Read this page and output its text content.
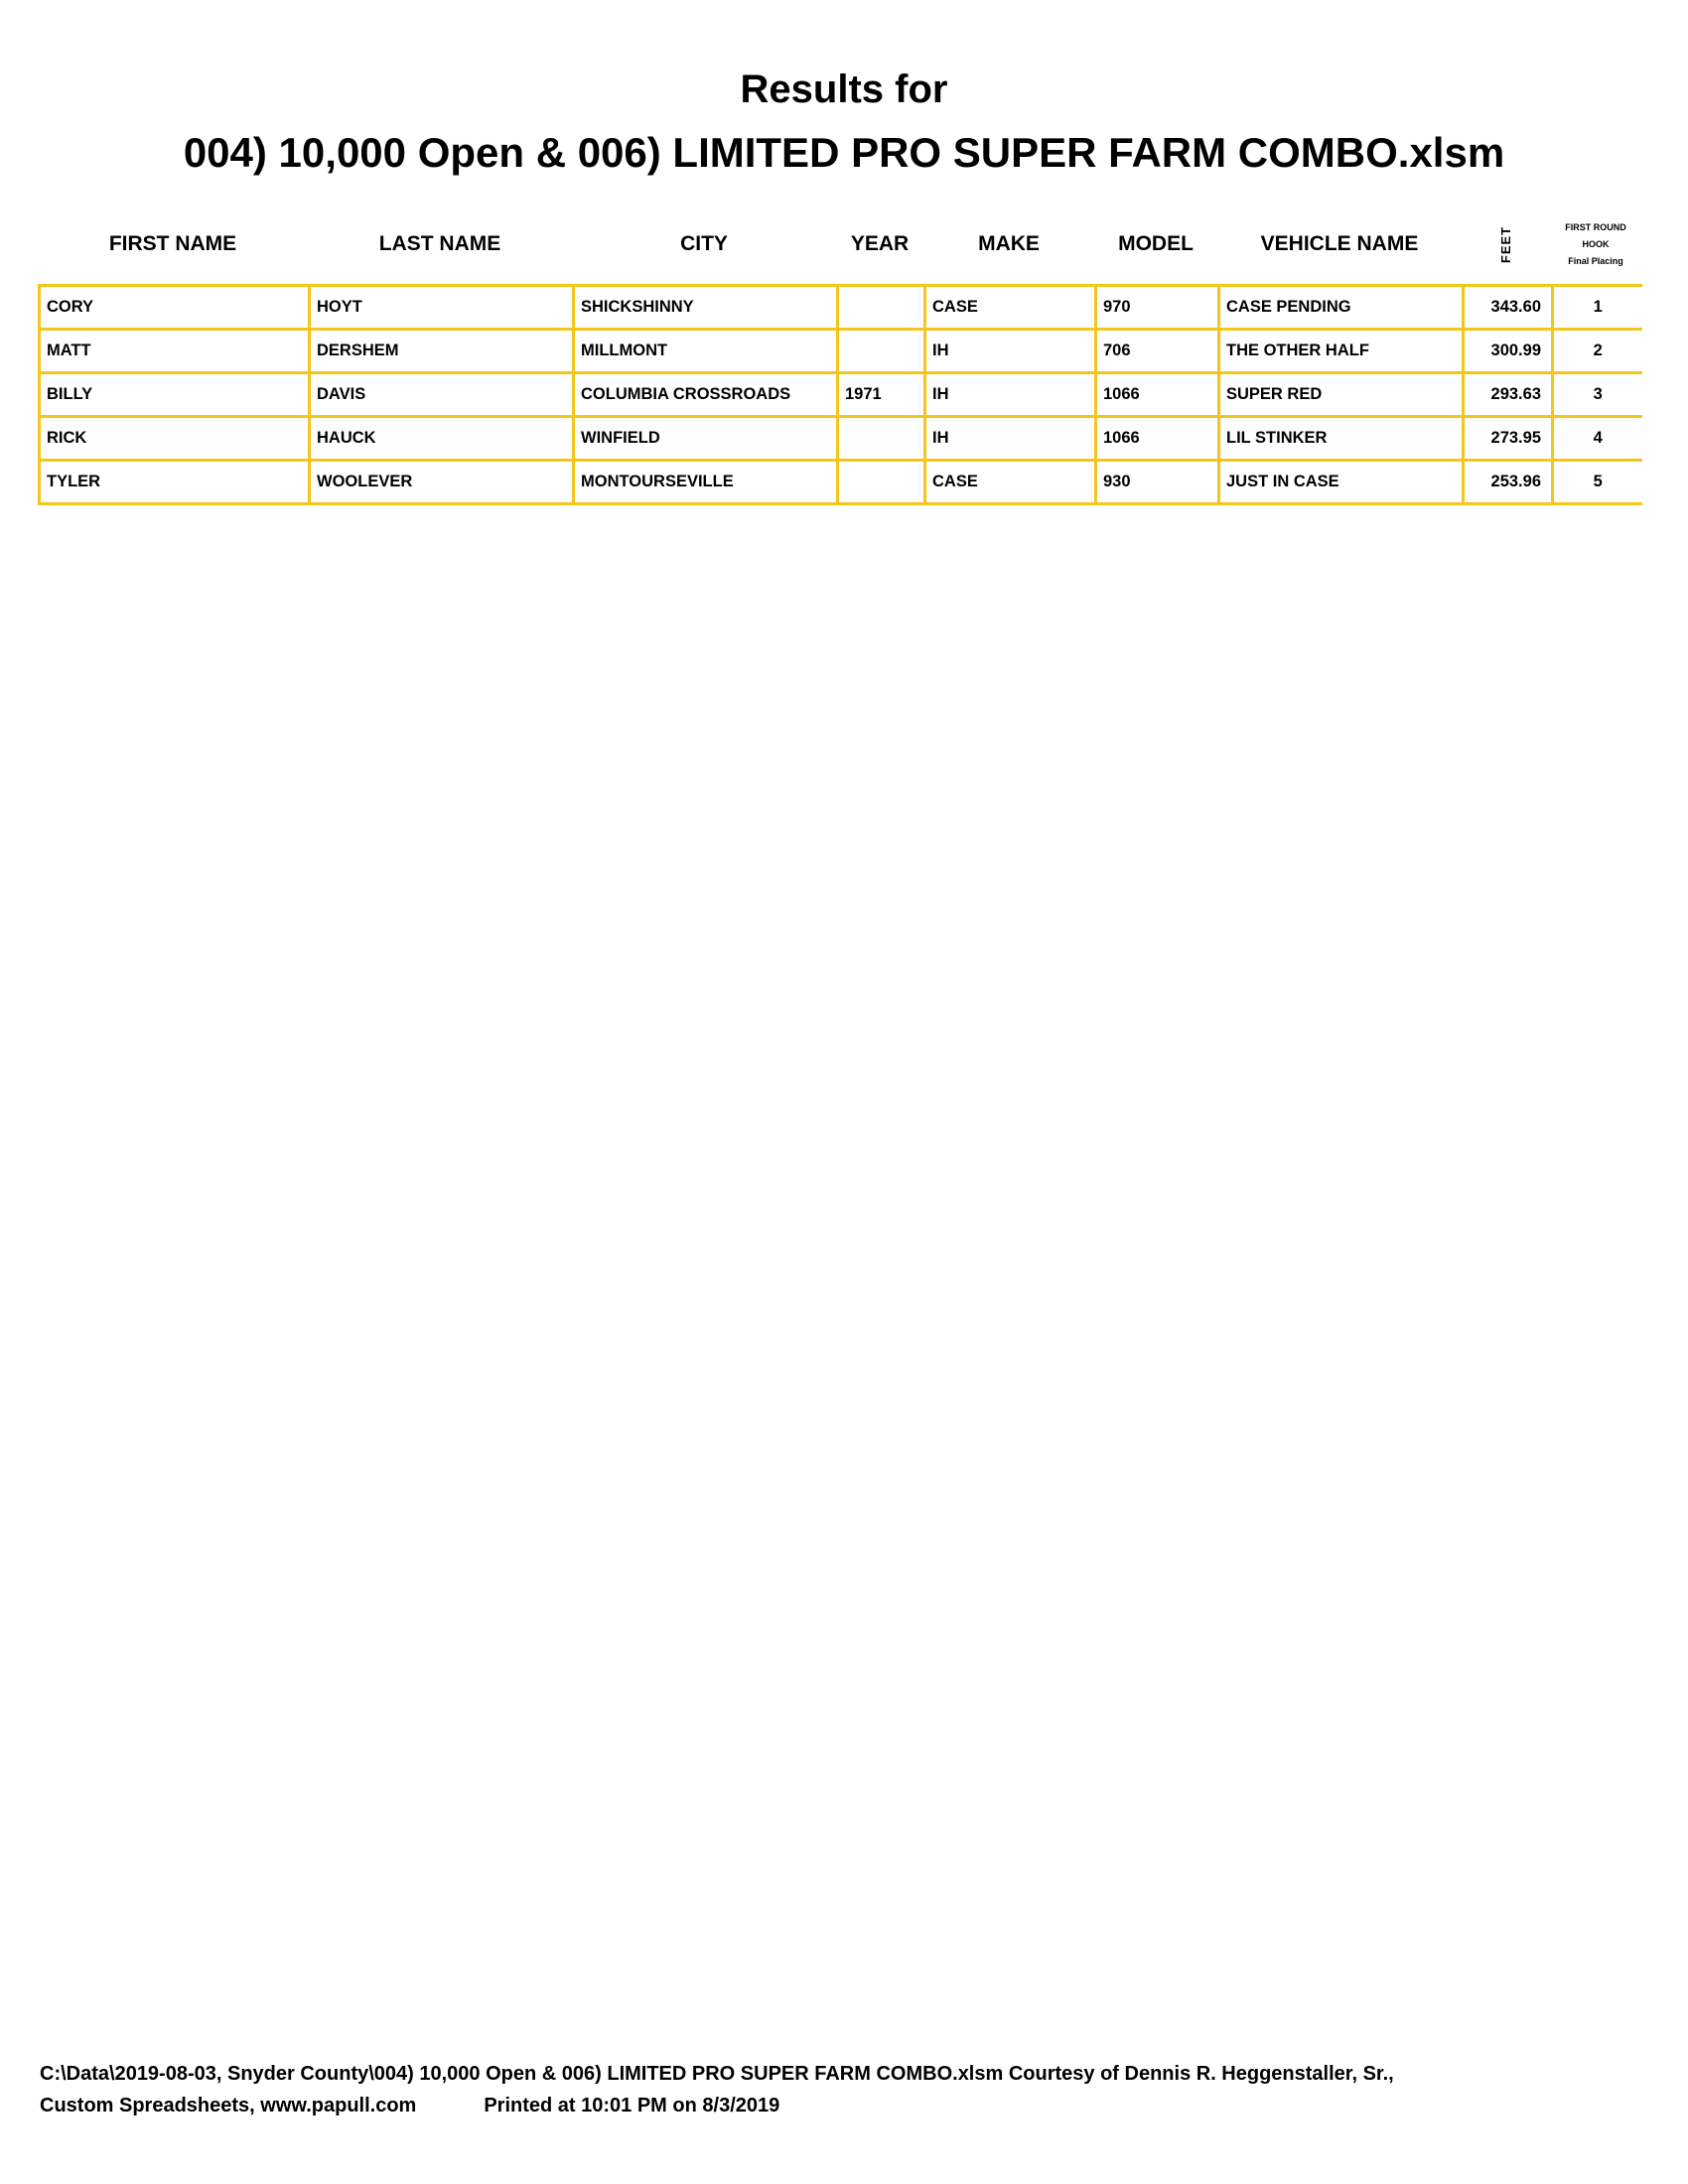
Results for
004) 10,000 Open & 006) LIMITED PRO SUPER FARM COMBO.xlsm
FIRST NAME	LAST NAME	CITY	YEAR	MAKE	MODEL	VEHICLE NAME	FEET	FIRST ROUND
HOOK
Final Placing
CORY	HOYT	SHICKSHINNY		CASE	970	CASE PENDING	343.60	1
MATT	DERSHEM	MILLMONT		IH	706	THE OTHER HALF	300.99	2
BILLY	DAVIS	COLUMBIA CROSSROADS	1971	IH	1066	SUPER RED	293.63	3
RICK	HAUCK	WINFIELD		IH	1066	LIL STINKER	273.95	4
TYLER	WOOLEVER	MONTOURSEVILLE		CASE	930	JUST IN CASE	253.96	5
C:\Data\2019-08-03, Snyder County\004) 10,000 Open & 006) LIMITED PRO SUPER FARM COMBO.xlsm Courtesy of Dennis R. Heggenstaller, Sr.,
Custom Spreadsheets, www.papull.com	Printed at 10:01 PM on 8/3/2019
